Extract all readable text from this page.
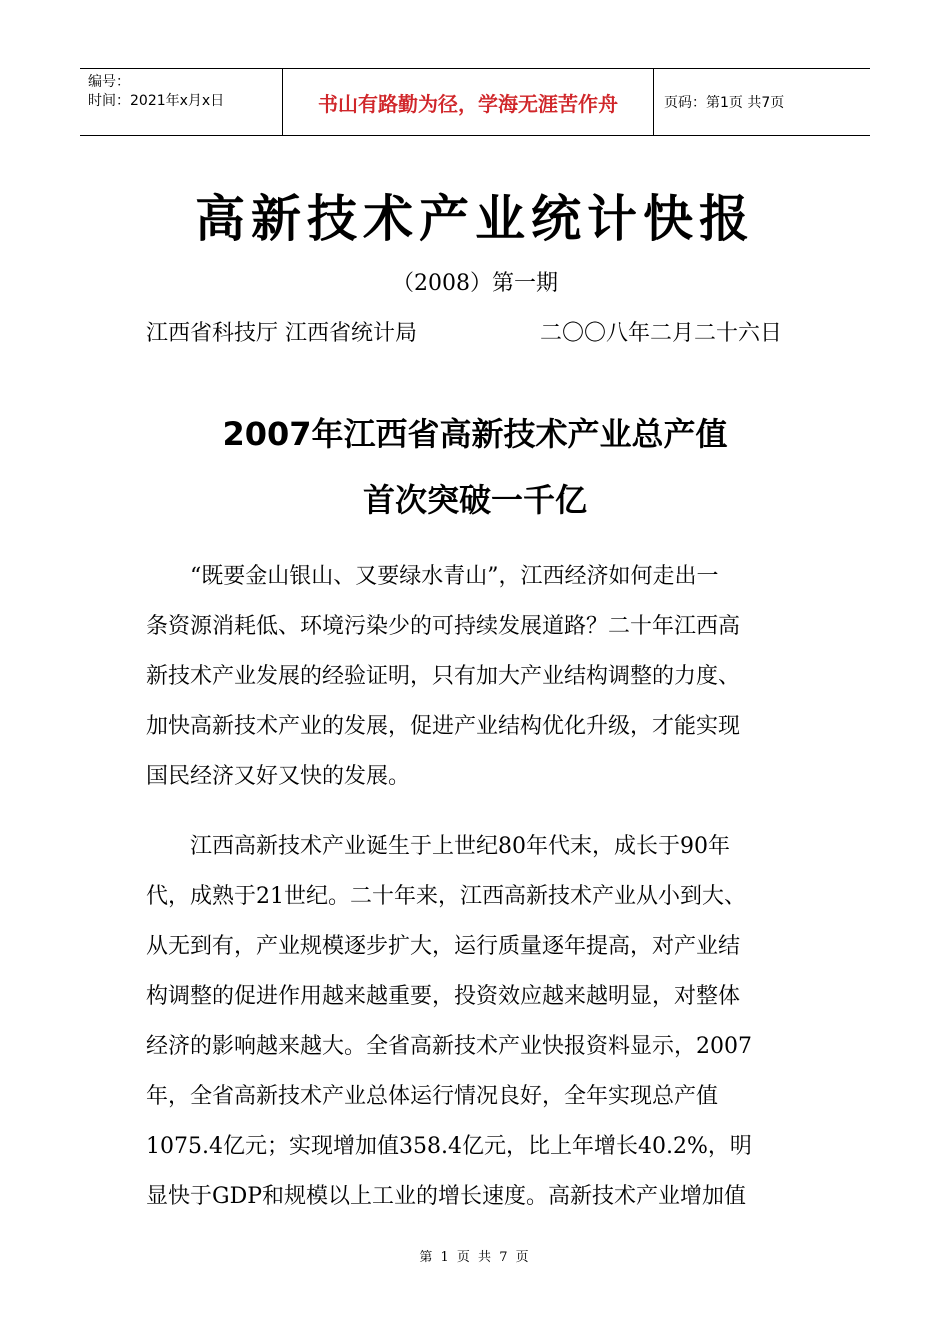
编号：
时间：2021年x月x日	书山有路勤为径，学海无涯苦作舟	页码：第1页 共7页
高新技术产业统计快报
（2008）第一期
江西省科技厅 江西省统计局	二〇〇八年二月二十六日
2007年江西省高新技术产业总产值
首次突破一千亿
“既要金山银山、又要绿水青山”，江西经济如何走出一
条资源消耗低、环境污染少的可持续发展道路？二十年江西高
新技术产业发展的经验证明，只有加大产业结构调整的力度、
加快高新技术产业的发展，促进产业结构优化升级，才能实现
国民经济又好又快的发展。
江西高新技术产业诞生于上世纪80年代末，成长于90年
代，成熟于21世纪。二十年来，江西高新技术产业从小到大、
从无到有，产业规模逐步扩大，运行质量逐年提高，对产业结
构调整的促进作用越来越重要，投资效应越来越明显，对整体
经济的影响越来越大。全省高新技术产业快报资料显示，2007
年，全省高新技术产业总体运行情况良好，全年实现总产值
1075.4亿元；实现增加值358.4亿元，比上年增长40.2%，明
显快于GDP和规模以上工业的增长速度。高新技术产业增加值
第 1 页 共 7 页
